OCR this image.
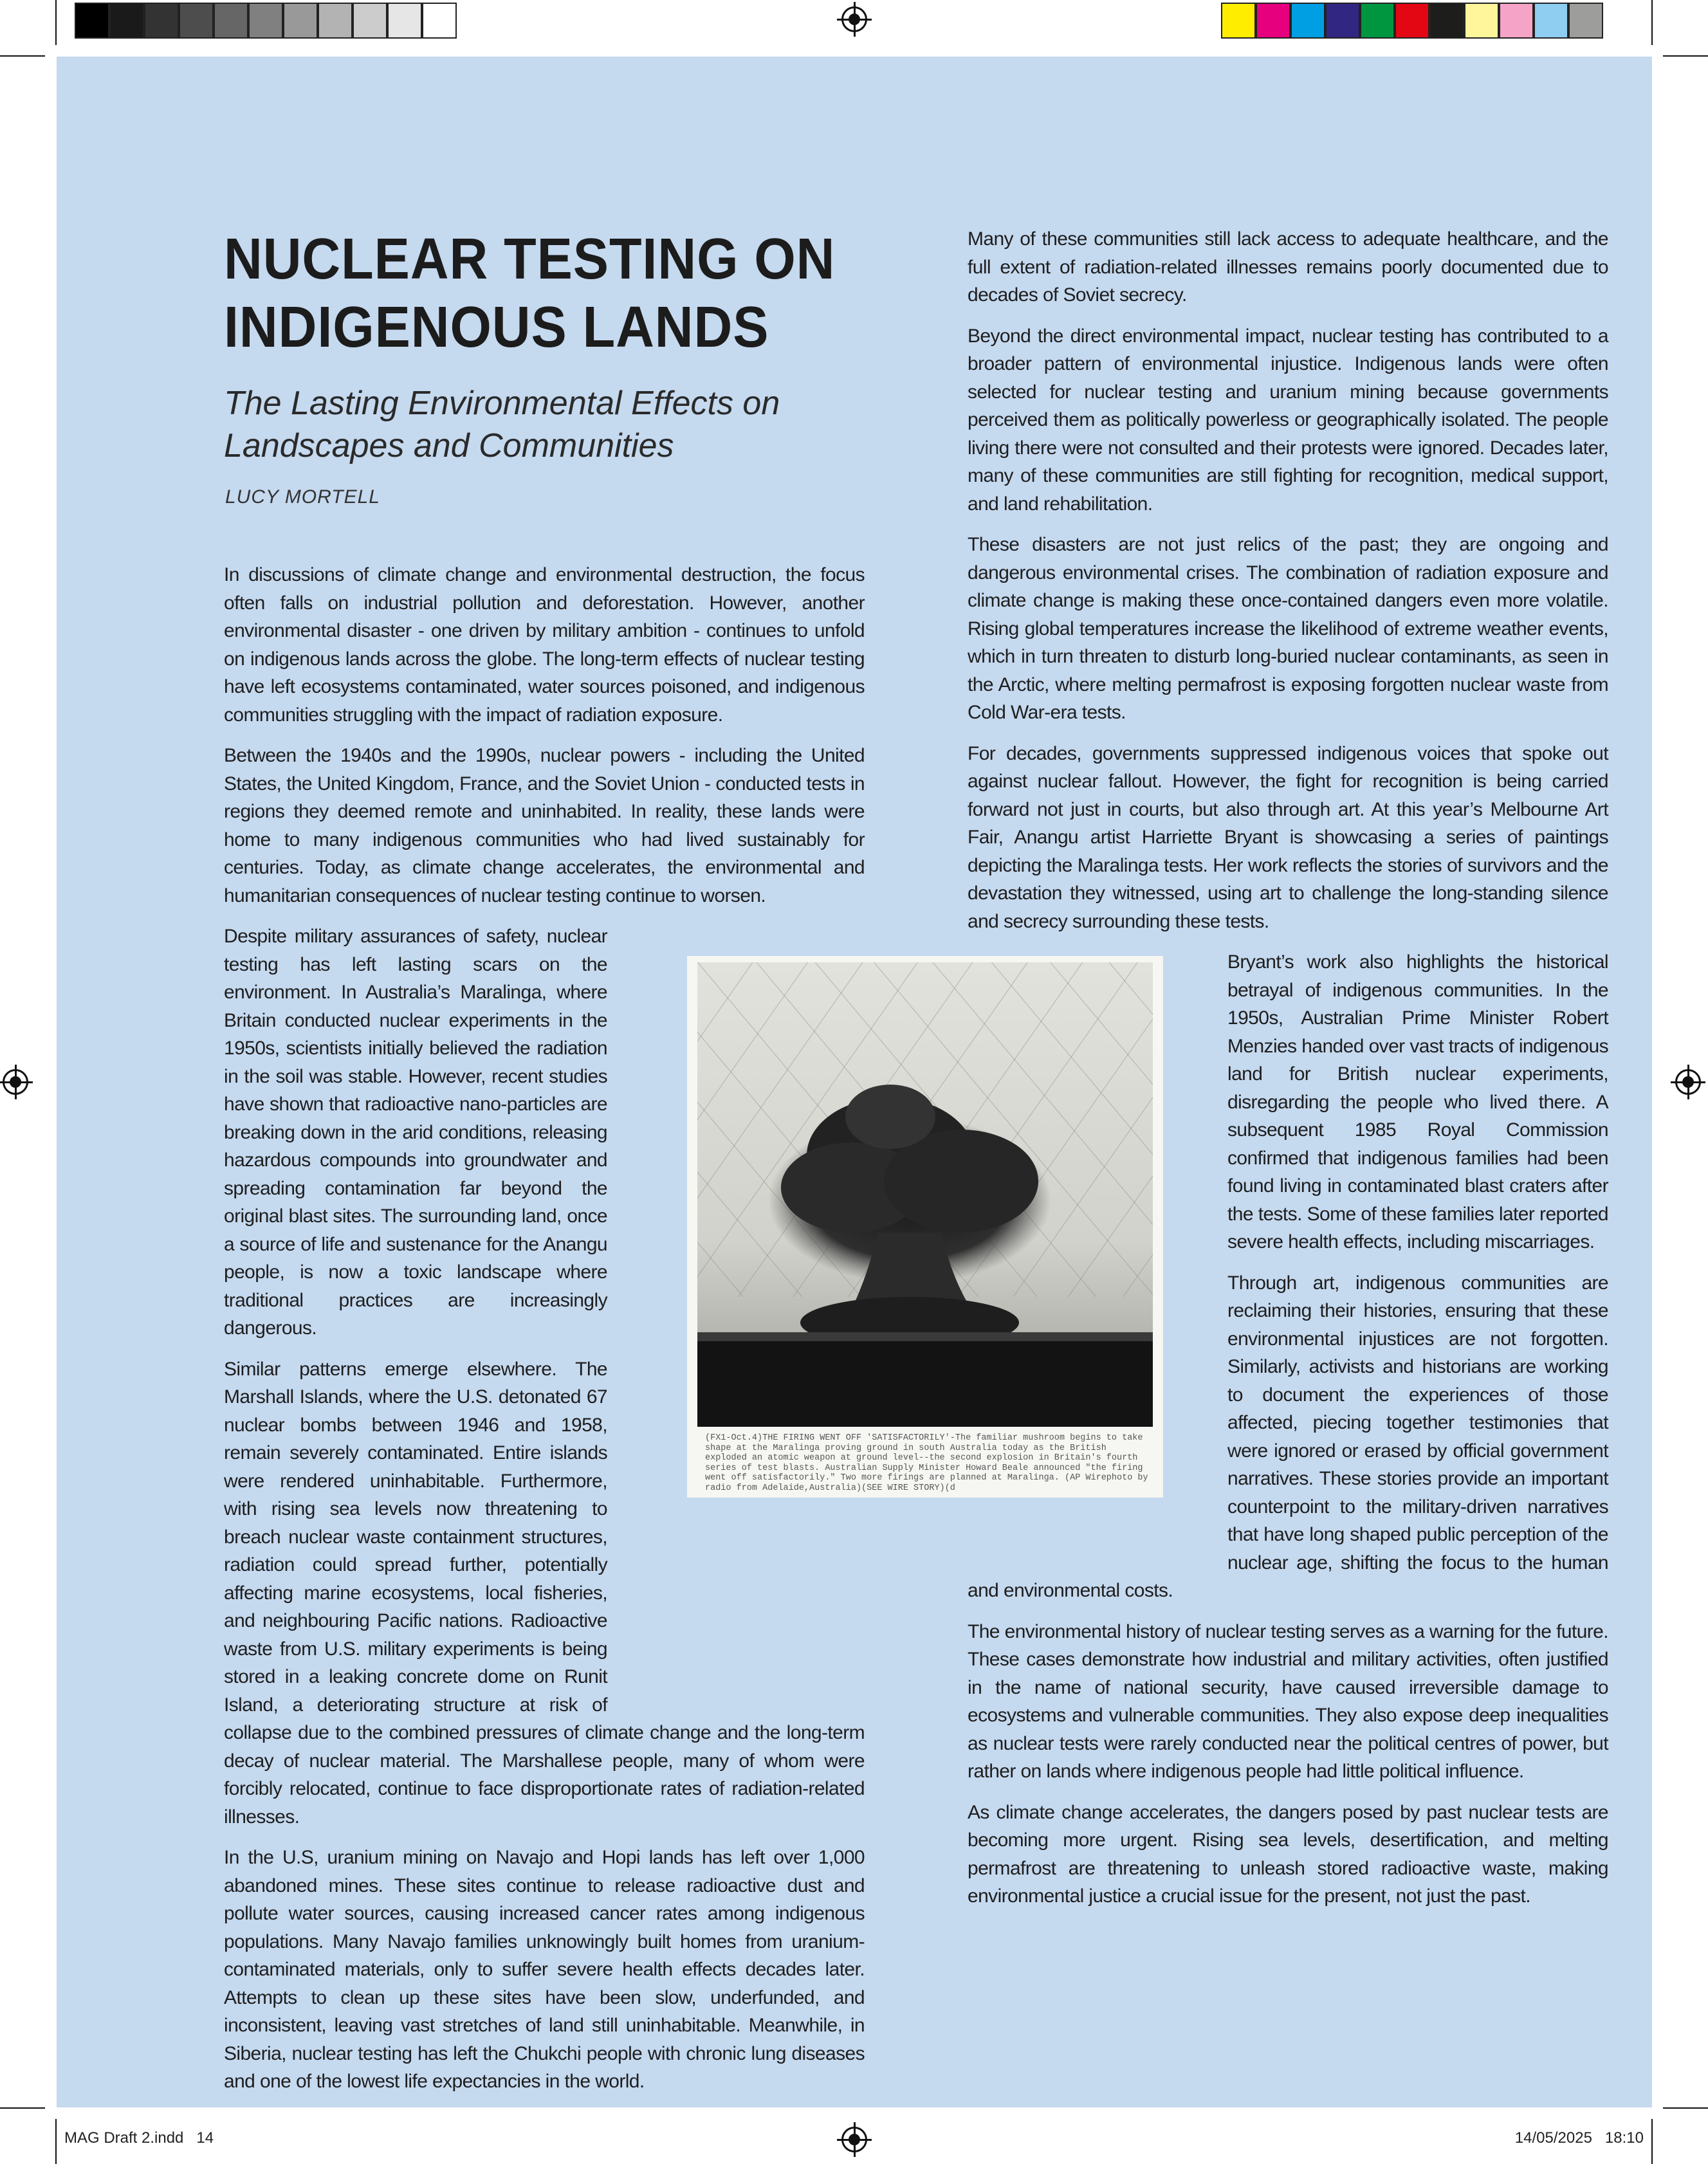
MAG Draft 2.indd   14	14/05/2025   18:10
NUCLEAR TESTING ON
INDIGENOUS LANDS
The Lasting Environmental Effects on Landscapes and Communities
LUCY MORTELL

In discussions of climate change and environmental destruction, the focus often falls on industrial pollution and deforestation. However, another environmental disaster - one driven by military ambition - continues to unfold on indigenous lands across the globe. The long-term effects of nuclear testing have left ecosystems contaminated, water sources poisoned, and indigenous communities struggling with the impact of radiation exposure.

Between the 1940s and the 1990s, nuclear powers - including the United States, the United Kingdom, France, and the Soviet Union - conducted tests in regions they deemed remote and uninhabited. In reality, these lands were home to many indigenous communities who had lived sustainably for centuries. Today, as climate change accelerates, the environmental and humanitarian consequences of nuclear testing continue to worsen.

Despite military assurances of safety, nuclear testing has left lasting scars on the environment. In Australia’s Maralinga, where Britain conducted nuclear experiments in the 1950s, scientists initially believed the radiation in the soil was stable. However, recent studies have shown that radioactive nano-particles are breaking down in the arid conditions, releasing hazardous compounds into groundwater and spreading contamination far beyond the original blast sites. The surrounding land, once a source of life and sustenance for the Anangu people, is now a toxic landscape where traditional practices are increasingly dangerous.

Similar patterns emerge elsewhere. The Marshall Islands, where the U.S. detonated 67 nuclear bombs between 1946 and 1958, remain severely contaminated. Entire islands were rendered uninhabitable. Furthermore, with rising sea levels now threatening to breach nuclear waste containment structures, radiation could spread further, potentially affecting marine ecosystems, local fisheries, and neighbouring Pacific nations. Radioactive waste from U.S. military experiments is being stored in a leaking concrete dome on Runit Island, a deteriorating structure at risk of collapse due to the combined pressures of climate change and the long-term decay of nuclear material. The Marshallese people, many of whom were forcibly relocated, continue to face disproportionate rates of radiation-related illnesses.

In the U.S, uranium mining on Navajo and Hopi lands has left over 1,000 abandoned mines. These sites continue to release radioactive dust and pollute water sources, causing increased cancer rates among indigenous populations. Many Navajo families unknowingly built homes from uranium-contaminated materials, only to suffer severe health effects decades later. Attempts to clean up these sites have been slow, underfunded, and inconsistent, leaving vast stretches of land still uninhabitable. Meanwhile, in Siberia, nuclear testing has left the Chukchi people with chronic lung diseases and one of the lowest life expectancies in the world.

Many of these communities still lack access to adequate healthcare, and the full extent of radiation-related illnesses remains poorly documented due to decades of Soviet secrecy.

Beyond the direct environmental impact, nuclear testing has contributed to a broader pattern of environmental injustice. Indigenous lands were often selected for nuclear testing and uranium mining because governments perceived them as politically powerless or geographically isolated. The people living there were not consulted and their protests were ignored. Decades later, many of these communities are still fighting for recognition, medical support, and land rehabilitation.

These disasters are not just relics of the past; they are ongoing and dangerous environmental crises. The combination of radiation exposure and climate change is making these once-contained dangers even more volatile. Rising global temperatures increase the likelihood of extreme weather events, which in turn threaten to disturb long-buried nuclear contaminants, as seen in the Arctic, where melting permafrost is exposing forgotten nuclear waste from Cold War-era tests.

For decades, governments suppressed indigenous voices that spoke out against nuclear fallout. However, the fight for recognition is being carried forward not just in courts, but also through art. At this year’s Melbourne Art Fair, Anangu artist Harriette Bryant is showcasing a series of paintings depicting the Maralinga tests. Her work reflects the stories of survivors and the devastation they witnessed, using art to challenge the long-standing silence and secrecy surrounding these tests.

Bryant’s work also highlights the historical betrayal of indigenous communities. In the 1950s, Australian Prime Minister Robert Menzies handed over vast tracts of indigenous land for British nuclear experiments, disregarding the people who lived there. A subsequent 1985 Royal Commission confirmed that indigenous families had been found living in contaminated blast craters after the tests. Some of these families later reported severe health effects, including miscarriages.

Through art, indigenous communities are reclaiming their histories, ensuring that these environmental injustices are not forgotten. Similarly, activists and historians are working to document the experiences of those affected, piecing together testimonies that were ignored or erased by official government narratives. These stories provide an important counterpoint to the military-driven narratives that have long shaped public perception of the nuclear age, shifting the focus to the human and environmental costs.

The environmental history of nuclear testing serves as a warning for the future. These cases demonstrate how industrial and military activities, often justified in the name of national security, have caused irreversible damage to ecosystems and vulnerable communities. They also expose deep inequalities as nuclear tests were rarely conducted near the political centres of power, but rather on lands where indigenous people had little political influence.

As climate change accelerates, the dangers posed by past nuclear tests are becoming more urgent. Rising sea levels, desertification, and melting permafrost are threatening to unleash stored radioactive waste, making environmental justice a crucial issue for the present, not just the past.

(FX1-Oct.4)THE FIRING WENT OFF 'SATISFACTORILY'-The familiar mushroom begins to take shape at the Maralinga proving ground in south Australia today as the British exploded an atomic weapon at ground level--the second explosion in Britain's fourth series of test blasts. Australian Supply Minister Howard Beale announced "the firing went off satisfactorily." Two more firings are planned at Maralinga. (AP Wirephoto by radio from Adelaide,Australia)(SEE WIRE STORY)(d
